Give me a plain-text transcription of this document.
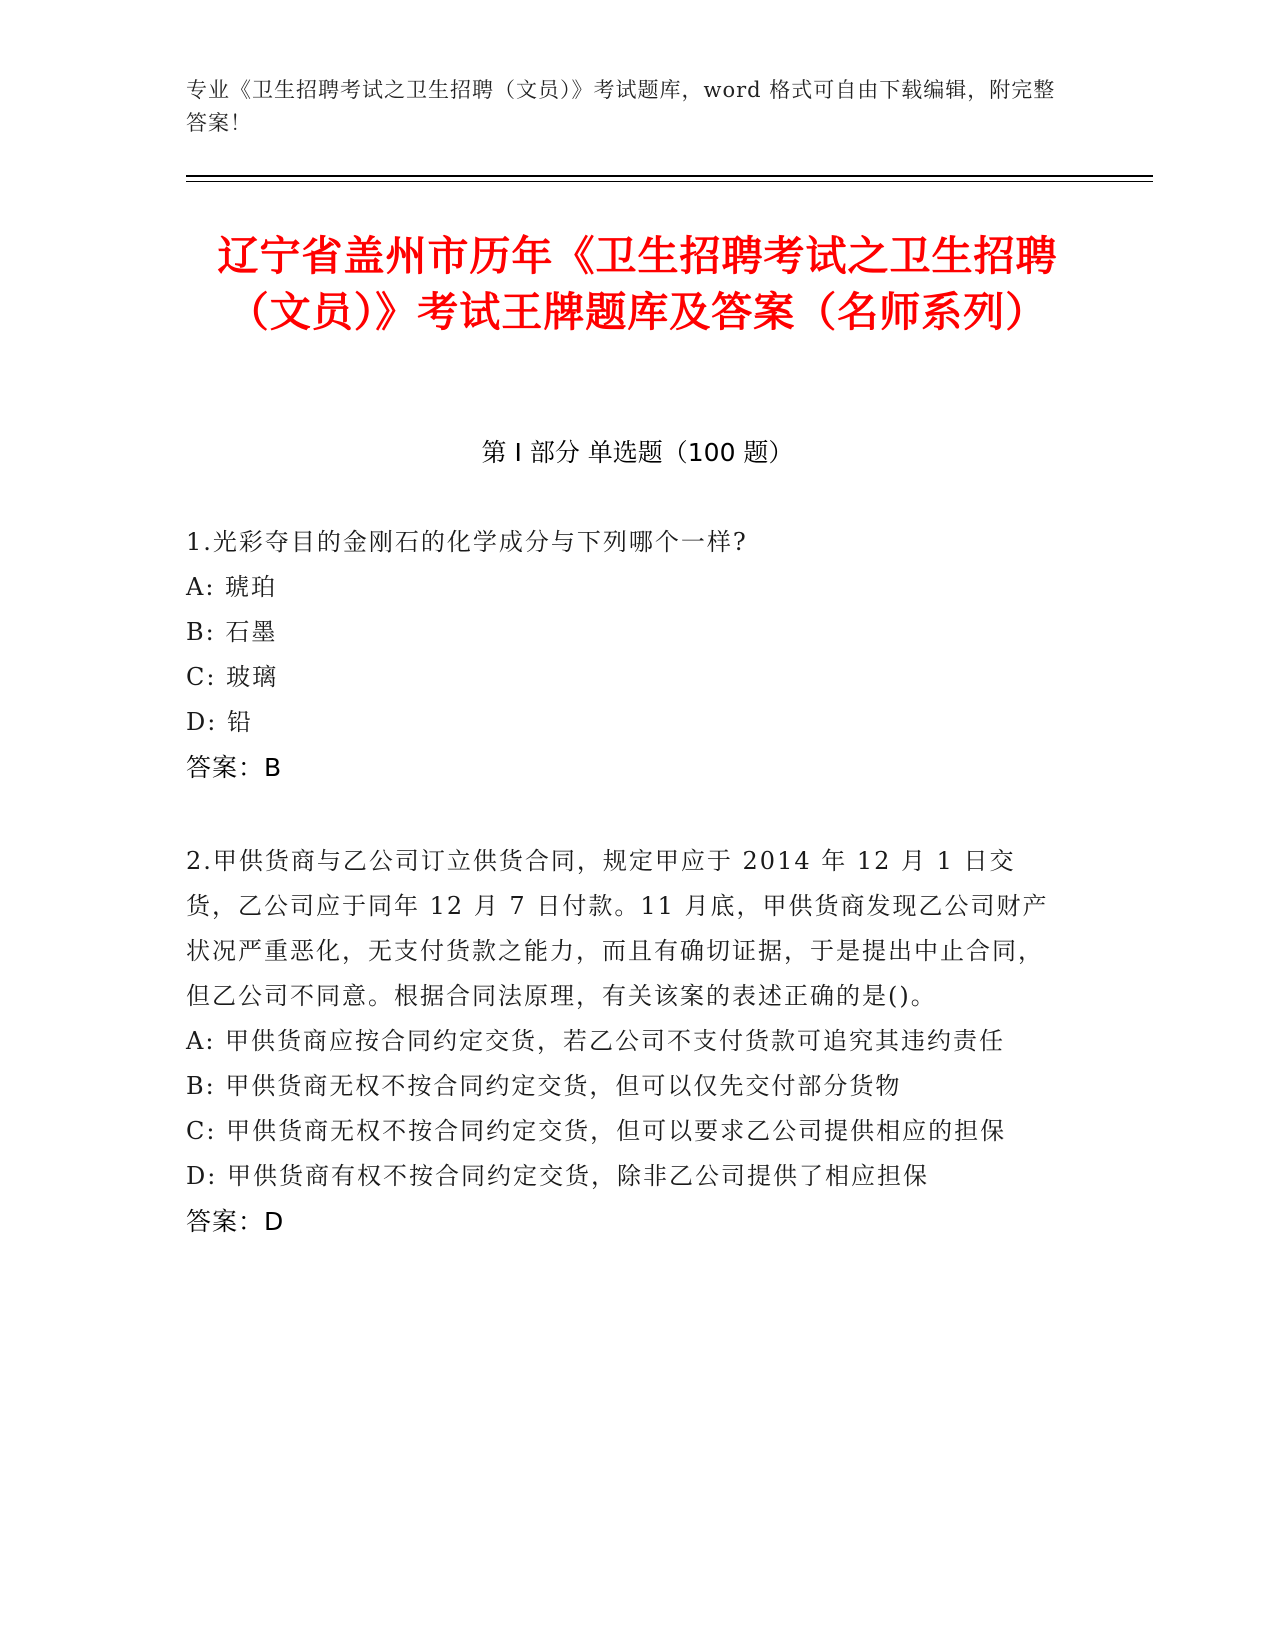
专业《卫生招聘考试之卫生招聘（文员）》考试题库，word 格式可自由下载编辑，附完整答案！
辽宁省盖州市历年《卫生招聘考试之卫生招聘（文员）》考试王牌题库及答案（名师系列）
第 I 部分 单选题（100 题）
1.光彩夺目的金刚石的化学成分与下列哪个一样?
A: 琥珀
B: 石墨
C: 玻璃
D: 铅
答案：B
2.甲供货商与乙公司订立供货合同，规定甲应于 2014 年 12 月 1 日交货，乙公司应于同年 12 月 7 日付款。11 月底，甲供货商发现乙公司财产状况严重恶化，无支付货款之能力，而且有确切证据，于是提出中止合同，但乙公司不同意。根据合同法原理，有关该案的表述正确的是()。
A: 甲供货商应按合同约定交货，若乙公司不支付货款可追究其违约责任
B: 甲供货商无权不按合同约定交货，但可以仅先交付部分货物
C: 甲供货商无权不按合同约定交货，但可以要求乙公司提供相应的担保
D: 甲供货商有权不按合同约定交货，除非乙公司提供了相应担保
答案：D
